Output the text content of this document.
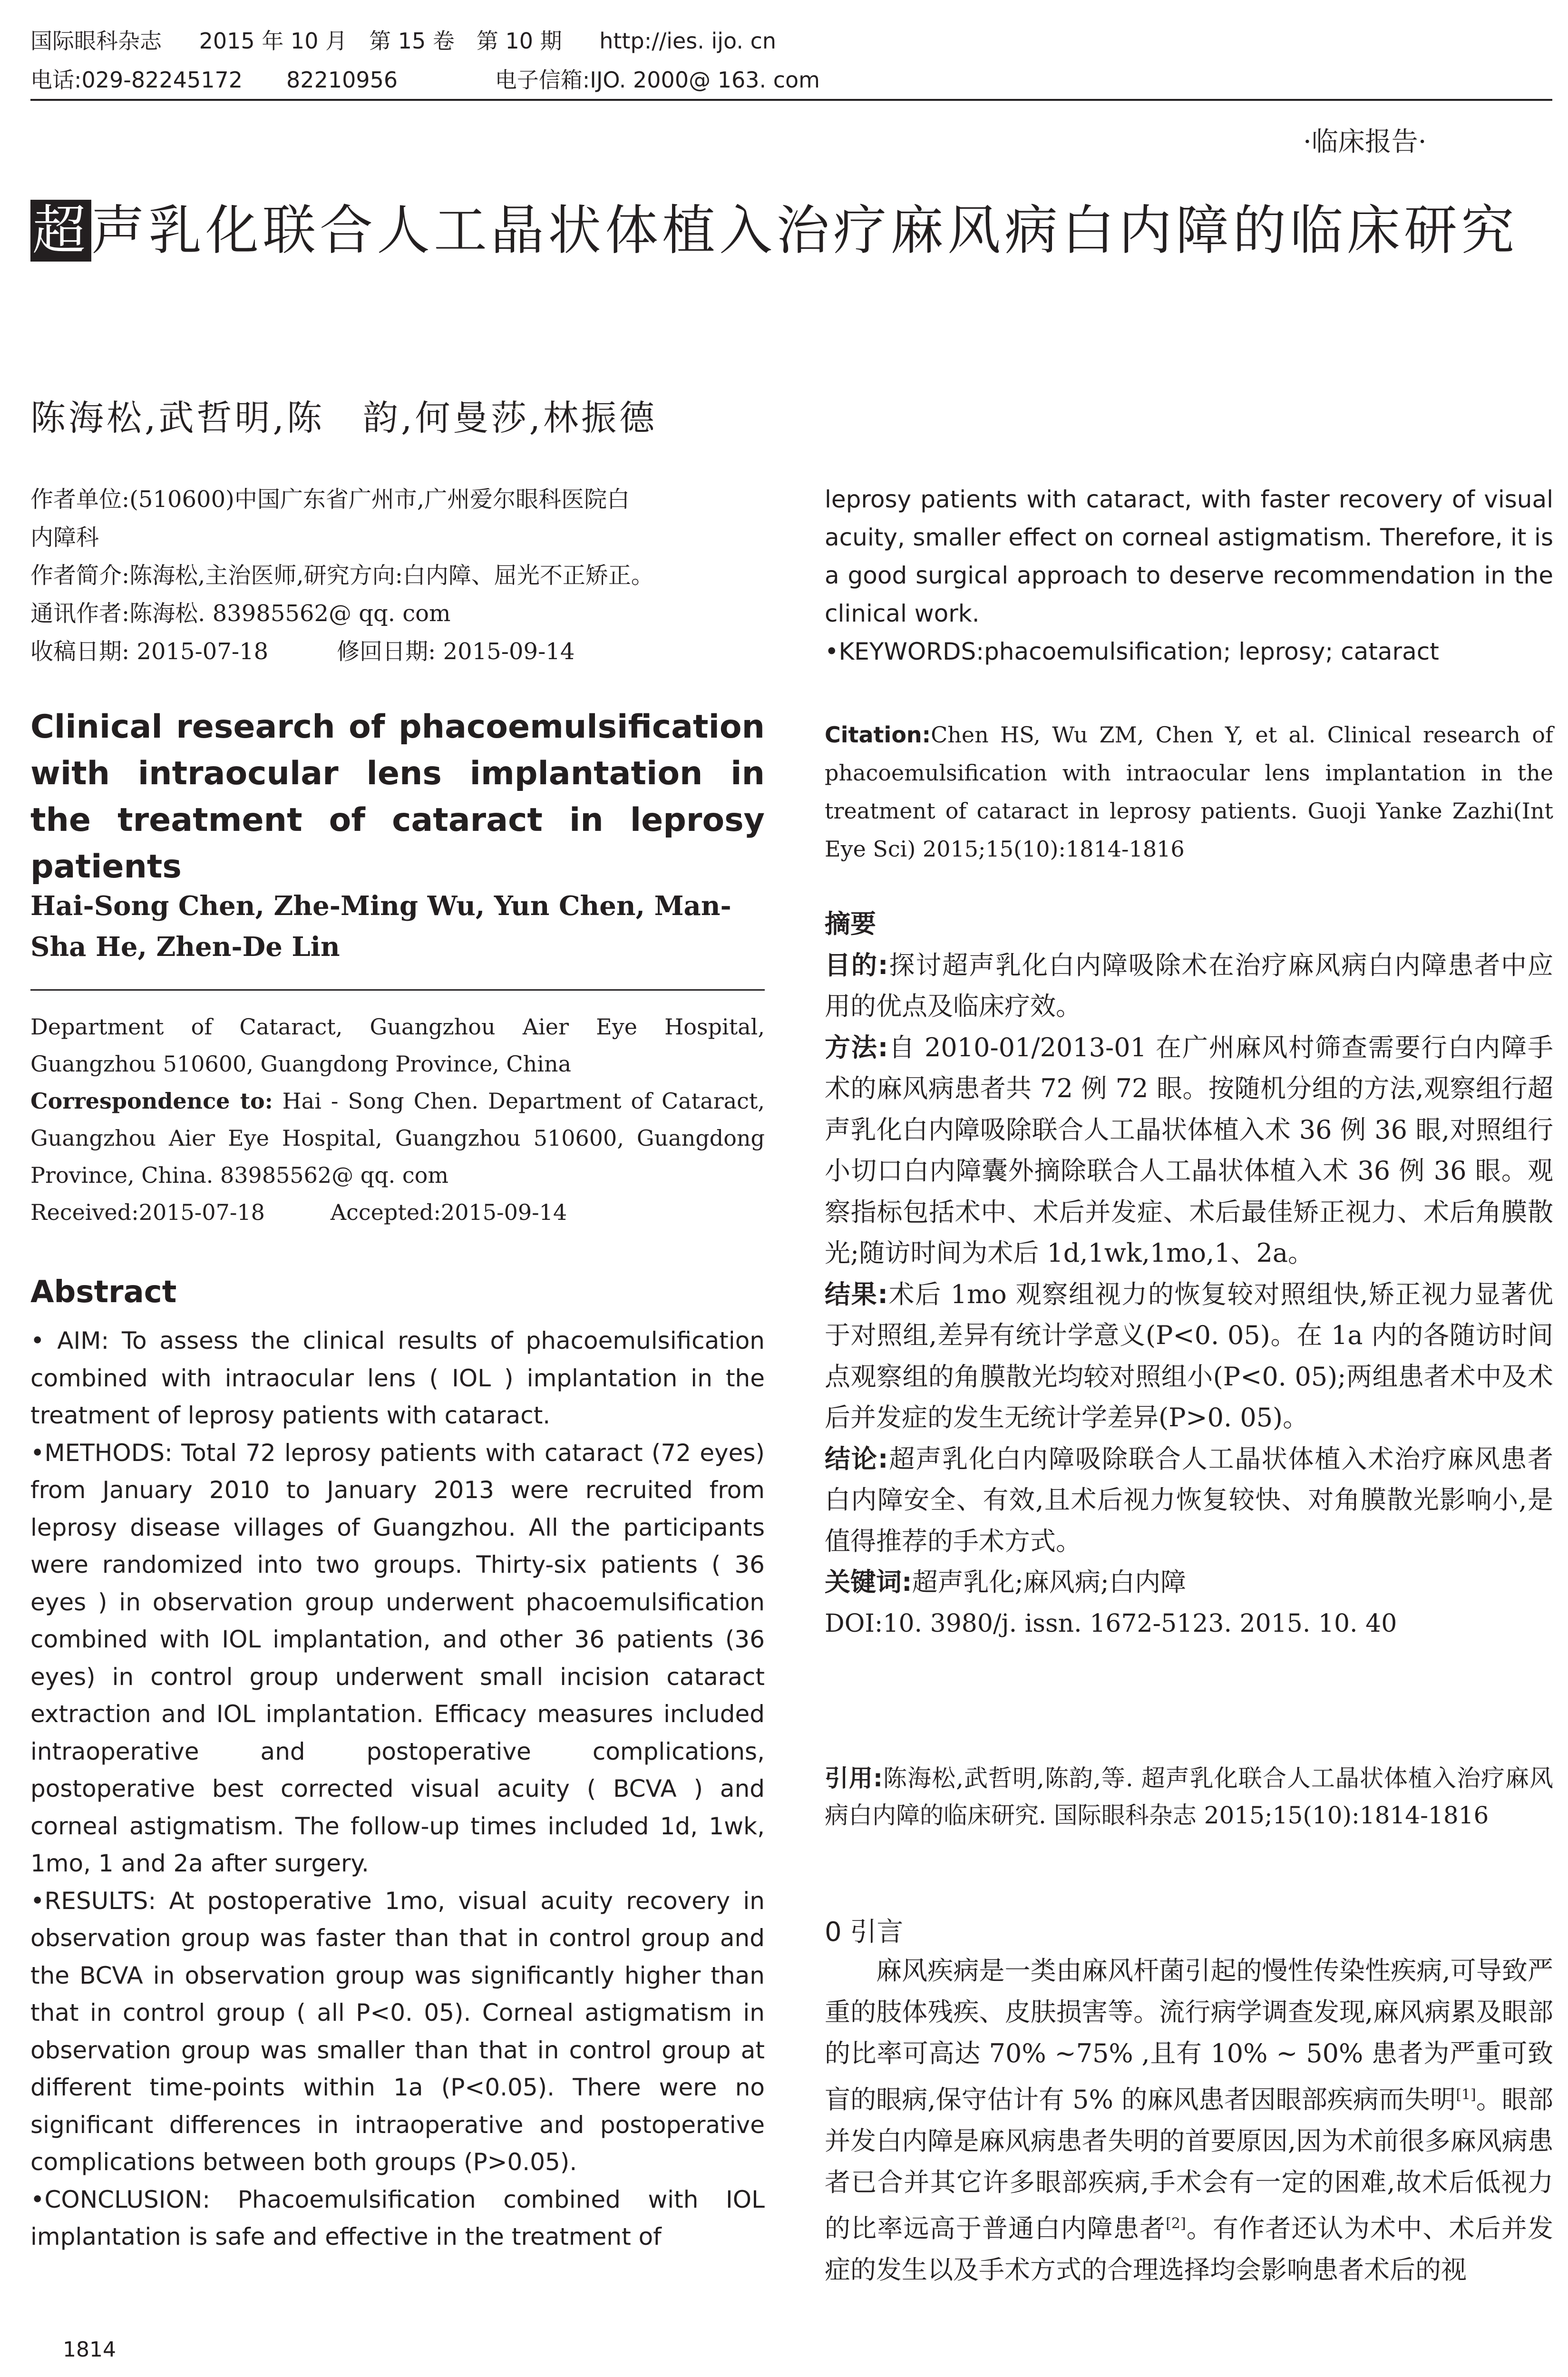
国际眼科杂志 2015 年 10 月　第 15 卷　第 10 期 http://ies. ijo. cn
电话:029-82245172　　82210956	电子信箱:IJO. 2000@ 163. com
·临床报告·
超声乳化联合人工晶状体植入治疗麻风病白内障的临床研究
陈海松,武哲明,陈　韵,何曼莎,林振德
作者单位:(510600)中国广东省广州市,广州爱尔眼科医院白
内障科
作者简介:陈海松,主治医师,研究方向:白内障、屈光不正矫正。
通讯作者:陈海松. 83985562@ qq. com
收稿日期: 2015-07-18　　　修回日期: 2015-09-14
Clinical research of phacoemulsification with intraocular lens implantation in the treatment of cataract in leprosy patients
Hai-Song Chen, Zhe-Ming Wu, Yun Chen, Man-Sha He, Zhen-De Lin
Department of Cataract, Guangzhou Aier Eye Hospital, Guangzhou 510600, Guangdong Province, China
Correspondence to: Hai - Song Chen. Department of Cataract, Guangzhou Aier Eye Hospital, Guangzhou 510600, Guangdong Province, China. 83985562@ qq. com
Received:2015-07-18　　　Accepted:2015-09-14
Abstract

• AIM: To assess the clinical results of phacoemulsification combined with intraocular lens ( IOL ) implantation in the treatment of leprosy patients with cataract.

•METHODS: Total 72 leprosy patients with cataract (72 eyes) from January 2010 to January 2013 were recruited from leprosy disease villages of Guangzhou. All the participants were randomized into two groups. Thirty-six patients ( 36 eyes ) in observation group underwent phacoemulsification combined with IOL implantation, and other 36 patients (36 eyes) in control group underwent small incision cataract extraction and IOL implantation. Efficacy measures included intraoperative and postoperative complications, postoperative best corrected visual acuity ( BCVA ) and corneal astigmatism. The follow-up times included 1d, 1wk, 1mo, 1 and 2a after surgery.

•RESULTS: At postoperative 1mo, visual acuity recovery in observation group was faster than that in control group and the BCVA in observation group was significantly higher than that in control group ( all P<0. 05). Corneal astigmatism in observation group was smaller than that in control group at different time-points within 1a (P<0.05). There were no significant differences in intraoperative and postoperative complications between both groups (P>0.05).

•CONCLUSION: Phacoemulsification combined with IOL implantation is safe and effective in the treatment of

1814

leprosy patients with cataract, with faster recovery of visual acuity, smaller effect on corneal astigmatism. Therefore, it is a good surgical approach to deserve recommendation in the clinical work.

•KEYWORDS:phacoemulsification; leprosy; cataract

Citation:Chen HS, Wu ZM, Chen Y, et al. Clinical research of phacoemulsification with intraocular lens implantation in the treatment of cataract in leprosy patients. Guoji Yanke Zazhi(Int Eye Sci) 2015;15(10):1814-1816

摘要

目的:探讨超声乳化白内障吸除术在治疗麻风病白内障患者中应用的优点及临床疗效。

方法:自 2010-01/2013-01 在广州麻风村筛查需要行白内障手术的麻风病患者共 72 例 72 眼。按随机分组的方法,观察组行超声乳化白内障吸除联合人工晶状体植入术 36 例 36 眼,对照组行小切口白内障囊外摘除联合人工晶状体植入术 36 例 36 眼。观察指标包括术中、术后并发症、术后最佳矫正视力、术后角膜散光;随访时间为术后 1d,1wk,1mo,1、2a。

结果:术后 1mo 观察组视力的恢复较对照组快,矫正视力显著优于对照组,差异有统计学意义(P<0. 05)。在 1a 内的各随访时间点观察组的角膜散光均较对照组小(P<0. 05);两组患者术中及术后并发症的发生无统计学差异(P>0. 05)。

结论:超声乳化白内障吸除联合人工晶状体植入术治疗麻风患者白内障安全、有效,且术后视力恢复较快、对角膜散光影响小,是值得推荐的手术方式。

关键词:超声乳化;麻风病;白内障

DOI:10. 3980/j. issn. 1672-5123. 2015. 10. 40

引用:陈海松,武哲明,陈韵,等. 超声乳化联合人工晶状体植入治疗麻风病白内障的临床研究. 国际眼科杂志 2015;15(10):1814-1816
0 引言
麻风疾病是一类由麻风杆菌引起的慢性传染性疾病,可导致严重的肢体残疾、皮肤损害等。流行病学调查发现,麻风病累及眼部的比率可高达 70% ~75% ,且有 10% ~ 50% 患者为严重可致盲的眼病,保守估计有 5% 的麻风患者因眼部疾病而失明[1]。眼部并发白内障是麻风病患者失明的首要原因,因为术前很多麻风病患者已合并其它许多眼部疾病,手术会有一定的困难,故术后低视力的比率远高于普通白内障患者[2]。有作者还认为术中、术后并发症的发生以及手术方式的合理选择均会影响患者术后的视
